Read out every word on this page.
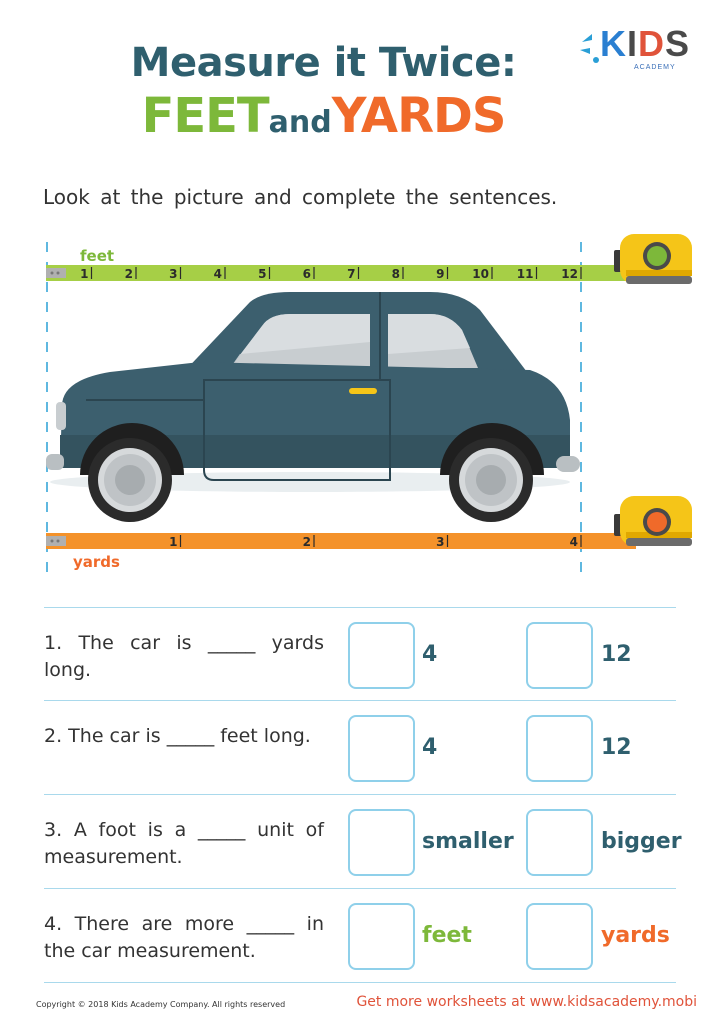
KIDS
ACADEMY
Measure it Twice:
FEETandYARDS
Look at the picture and complete the sentences.
feet
1	2	3	4	5	6	7	8	9 10 11 12
1	2	3	4
yards
1. The car is _____ yards long.
4	12
2. The car is _____ feet long.	4	12
3. A foot is a _____ unit of measurement.
smaller	bigger
4. There are more _____ in the car measurement.
feet	yards
Copyright © 2018 Kids Academy Company. All rights reserved	Get more worksheets at www.kidsacademy.mobi
